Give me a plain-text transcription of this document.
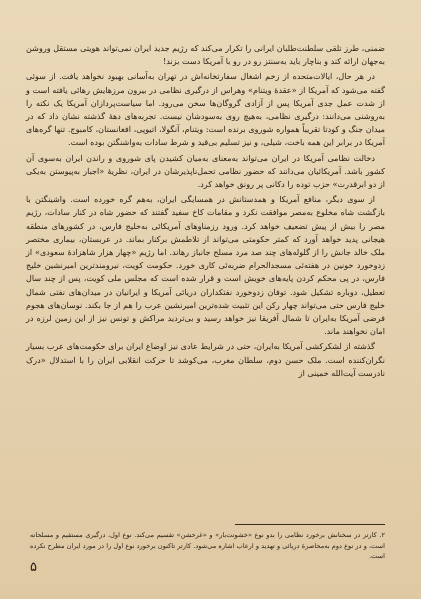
ضمنی، طرز تلقی سلطنت‌طلبان ایرانی را تکرار می‌کند که رژیم جدید ایران نمی‌تواند هویتی مستقل وروشن به‌جهان ارائه کند و بناچار باید به‌سنتز رو در رو با آمریکا دست بزند!

در هر حال، ایالات‌متحده از زخم اشغال سفارتخانه‌اش در تهران به‌آسانی بهبود نخواهد یافت. از سوئی گفته می‌شود که آمریکا از «عقدهٔ ویتنام» وهراس از درگیری نظامی در بیرون مرزهایش رهائی یافته است و از شدت عمل جدی آمریکا پس از آزادی گروگان‌ها سخن می‌رود. اما سیاست‌پردازان آمریکا یک نکته را به‌روشنی می‌دانند: درگیری نظامی، به‌هیچ روی به‌سودشان نیست. تجربه‌های دههٔ گذشته نشان داد که در میدان جنگ و کودتا تقریباً همواره شوروی برنده است: ویتنام، آنگولا، اتیوپی، افغانستان، کامبوج. تنها گره‌های آمریکا در برابر این همه باخت، شیلی، و نیز تسلیم بی‌قید و شرط سادات به‌واشنگتن بوده است.

دخالت نظامی آمریکا در ایران می‌تواند به‌معنای به‌میان کشیدن پای شوروی و راندن ایران به‌سوی آن کشور باشد. آمریکائیان می‌دانند که حضور نظامی تحمل‌ناپذیرشان در ایران، نظریهٔ «اجبار به‌پیوستن به‌یکی از دو ابرقدرت» حزب توده را دکانی پر رونق خواهد کرد.

از سوی دیگر، منافع آمریکا و همدستانش در همسایگی ایران، به‌هم گره خورده است. واشینگتن با بازگشت شاه مخلوع به‌مصر موافقت نکرد و مقامات کاخ سفید گفتند که حضور شاه در کنار سادات، رژیم مصر را بیش از پیش تضعیف خواهد کرد. ورود رزمناوهای آمریکائی به‌خلیج فارس، در کشورهای منطقه هیجانی پدید خواهد آورد که کمتر حکومتی می‌تواند از تلاطمش برکنار بماند. در عربستان، بیماری مختصر ملک خالد جانش را از گلوله‌های چند صد مرد مسلح جانباز رهاند. اما رژیم «چهار هزار شاهزادهٔ سعودی» از زدوخورد خونین در هفته‌ئی مسجدالحرام ضربه‌ئی کاری خورد. حکومت کویت، نیرومندترین امیرنشین خلیج فارس، در پی محکم کردن پایه‌های خویش است و قرار شده است که مجلس ملی کویت، پس از چند سال تعطیل، دوباره تشکیل شود. توفان زدوخورد نفتکداران دریائی آمریکا و ایرانیان در میدان‌های نفتی شمال خلیج فارس حتی می‌تواند چهار رکن این تثبیت شده‌ترین امیرنشین عرب را هم از جا بکند. نوسان‌های هجوم فرضی آمریکا به‌ایران تا شمال آفریقا نیز خواهد رسید و بی‌تردید مراکش و تونس نیز از این زمین لرزه در امان نخواهند ماند.

گذشته از لشکرکشی آمریکا به‌ایران، حتی در شرایط عادی نیز اوضاع ایران برای حکومت‌های عرب بسیار نگران‌کننده است. ملک حسن دوم، سلطان مغرب، می‌کوشد تا حرکت انقلابی ایران را با استدلال «درک نادرست آیت‌الله خمینی از

۲. کارتر در سخنانش برخورد نظامی را بدو نوع «خشونت‌بار» و «غرخشن» تقسیم می‌کند. نوع اول، درگیری مستقیم و مسلحانه است، و در نوع دوم به‌محاصرهٔ دریائی و تهدید و ارعاب اشاره می‌شود. کارتر تاکنون برخورد نوع اول را در مورد ایران مطرح نکرده است.
۵
